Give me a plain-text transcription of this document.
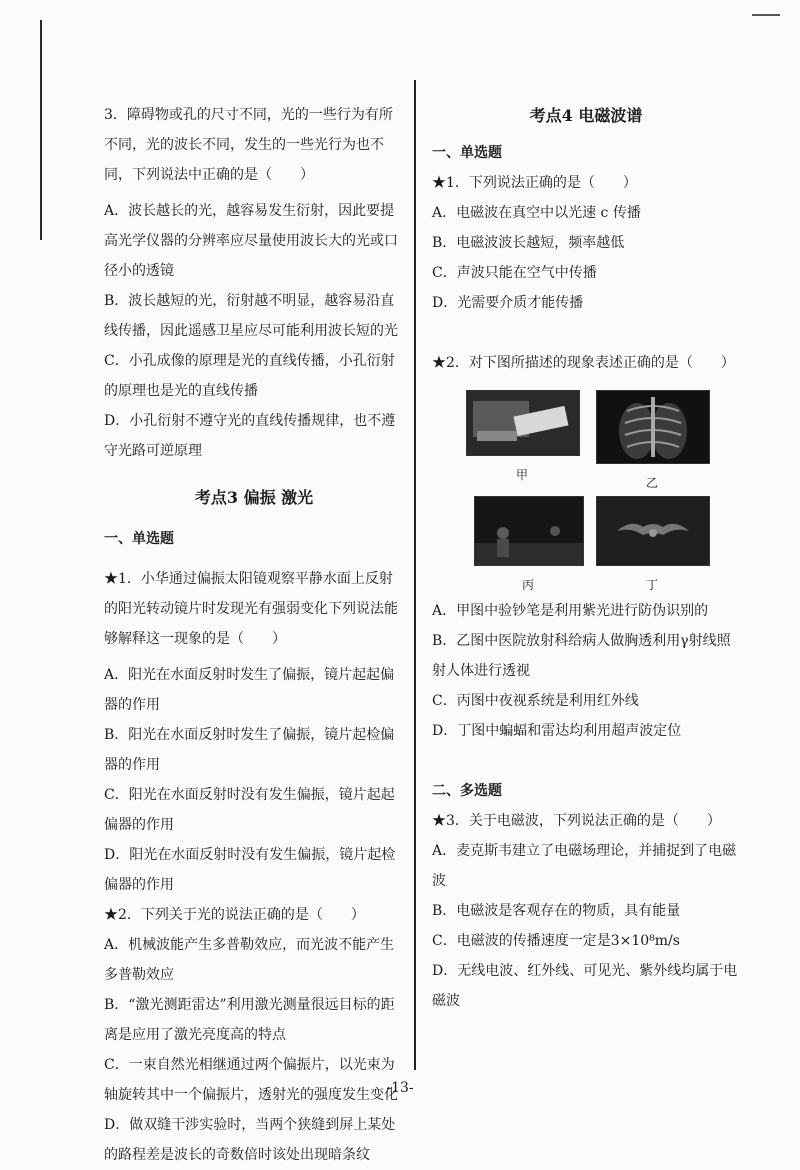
3．障碍物或孔的尺寸不同，光的一些行为有所不同，光的波长不同，发生的一些光行为也不同，下列说法中正确的是（　　）

A．波长越长的光，越容易发生衍射，因此要提高光学仪器的分辨率应尽量使用波长大的光或口径小的透镜

B．波长越短的光，衍射越不明显，越容易沿直线传播，因此遥感卫星应尽可能利用波长短的光

C．小孔成像的原理是光的直线传播，小孔衍射的原理也是光的直线传播

D．小孔衍射不遵守光的直线传播规律，也不遵守光路可逆原理

考点3 偏振 激光

一、单选题

★1．小华通过偏振太阳镜观察平静水面上反射的阳光转动镜片时发现光有强弱变化下列说法能够解释这一现象的是（　　）

A．阳光在水面反射时发生了偏振，镜片起起偏器的作用

B．阳光在水面反射时发生了偏振，镜片起检偏器的作用

C．阳光在水面反射时没有发生偏振，镜片起起偏器的作用

D．阳光在水面反射时没有发生偏振，镜片起检偏器的作用

★2．下列关于光的说法正确的是（　　）

A．机械波能产生多普勒效应，而光波不能产生多普勒效应

B．“激光测距雷达”利用激光测量很远目标的距离是应用了激光亮度高的特点

C．一束自然光相继通过两个偏振片，以光束为轴旋转其中一个偏振片，透射光的强度发生变化

D．做双缝干涉实验时，当两个狭缝到屏上某处的路程差是波长的奇数倍时该处出现暗条纹

考点4 电磁波谱

一、单选题

★1．下列说法正确的是（　　）

A．电磁波在真空中以光速 c 传播

B．电磁波波长越短，频率越低

C．声波只能在空气中传播

D．光需要介质才能传播

★2．对下图所描述的现象表述正确的是（　　）

甲
乙
丙	丁

A．甲图中验钞笔是利用紫光进行防伪识别的

B．乙图中医院放射科给病人做胸透利用γ射线照射人体进行透视

C．丙图中夜视系统是利用红外线

D．丁图中蝙蝠和雷达均利用超声波定位

二、多选题

★3．关于电磁波，下列说法正确的是（　　）

A．麦克斯韦建立了电磁场理论，并捕捉到了电磁波

B．电磁波是客观存在的物质，具有能量

C．电磁波的传播速度一定是3×10⁸m/s

D．无线电波、红外线、可见光、紫外线均属于电磁波

-13-
